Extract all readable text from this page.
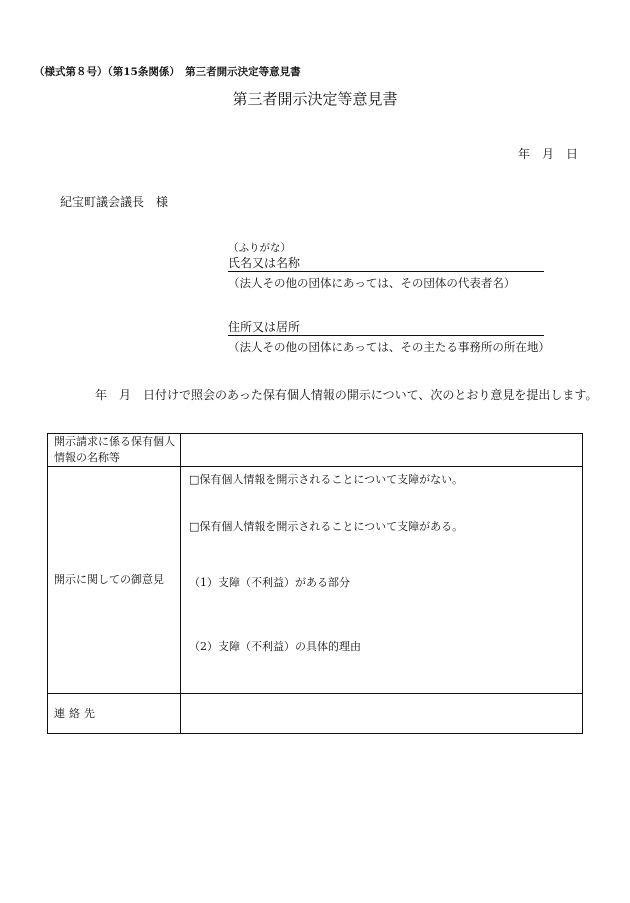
（様式第８号）（第15条関係）　第三者開示決定等意見書
第三者開示決定等意見書
年　月　日
紀宝町議会議長　様
（ふりがな）
氏名又は名称
（法人その他の団体にあっては、その団体の代表者名）
住所又は居所
（法人その他の団体にあっては、その主たる事務所の所在地）
年　月　日付けで照会のあった保有個人情報の開示について、次のとおり意見を提出します。
開示請求に係る保有個人情報の名称等	
開示に関しての御意見	□保有個人情報を開示されることについて支障がない。
□保有個人情報を開示されることについて支障がある。
（1）支障（不利益）がある部分
（2）支障（不利益）の具体的理由

連絡先	
